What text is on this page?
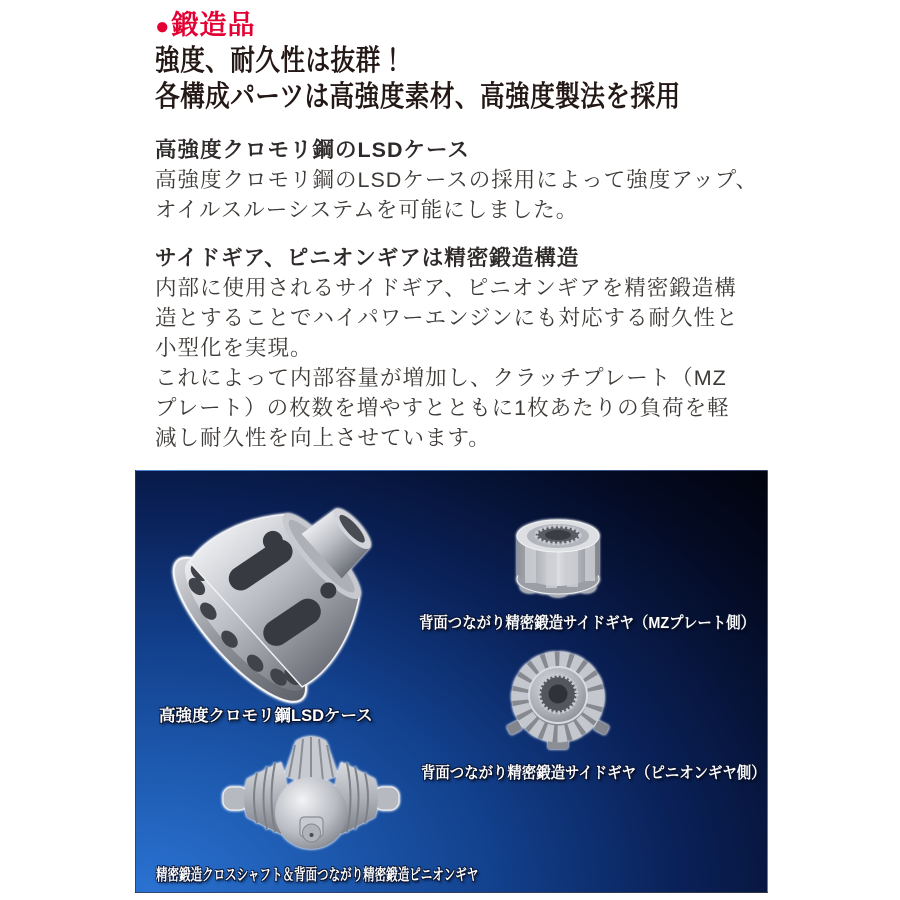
●鍛造品
強度、耐久性は抜群！
各構成パーツは高強度素材、高強度製法を採用
高強度クロモリ鋼のLSDケース
高強度クロモリ鋼のLSDケースの採用によって強度アップ、
オイルスルーシステムを可能にしました。
サイドギア、ピニオンギアは精密鍛造構造
内部に使用されるサイドギア、ピニオンギアを精密鍛造構
造とすることでハイパワーエンジンにも対応する耐久性と
小型化を実現。
これによって内部容量が増加し、クラッチプレート（MZ
プレート）の枚数を増やすとともに1枚あたりの負荷を軽
減し耐久性を向上させています。
高強度クロモリ鋼LSDケース
背面つながり精密鍛造サイドギヤ（MZプレート側）
背面つながり精密鍛造サイドギヤ（ピニオンギヤ側）
精密鍛造クロスシャフト＆背面つながり精密鍛造ピニオンギヤ
